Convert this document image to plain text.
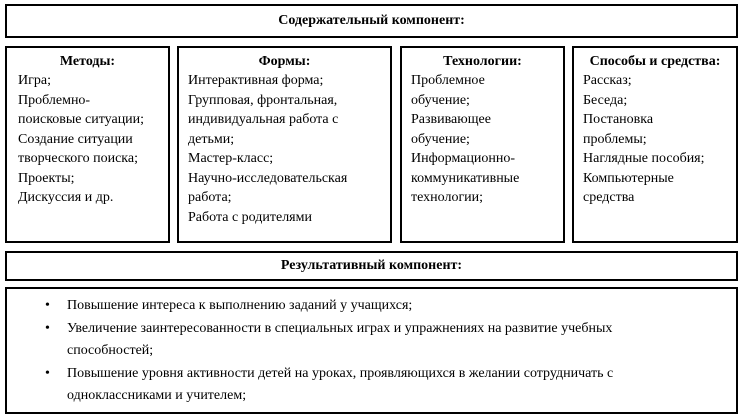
Содержательный компонент:
Методы:
Игра;
Проблемно-
поисковые ситуации;
Создание ситуации
творческого поиска;
Проекты;
Дискуссия и др.
Формы:
Интерактивная форма;
Групповая, фронтальная,
индивидуальная работа с
детьми;
Мастер-класс;
Научно-исследовательская
работа;
Работа с родителями
Технологии:
Проблемное
обучение;
Развивающее
обучение;
Информационно-
коммуникативные
технологии;
Способы и средства:
Рассказ;
Беседа;
Постановка
проблемы;
Наглядные пособия;
Компьютерные
средства
Результативный компонент:
• Повышение интереса к выполнению заданий у учащихся;
• Увеличение заинтересованности в специальных играх и упражнениях на развитие учебных
способностей;
• Повышение уровня активности детей на уроках, проявляющихся в желании сотрудничать с
одноклассниками и учителем;
